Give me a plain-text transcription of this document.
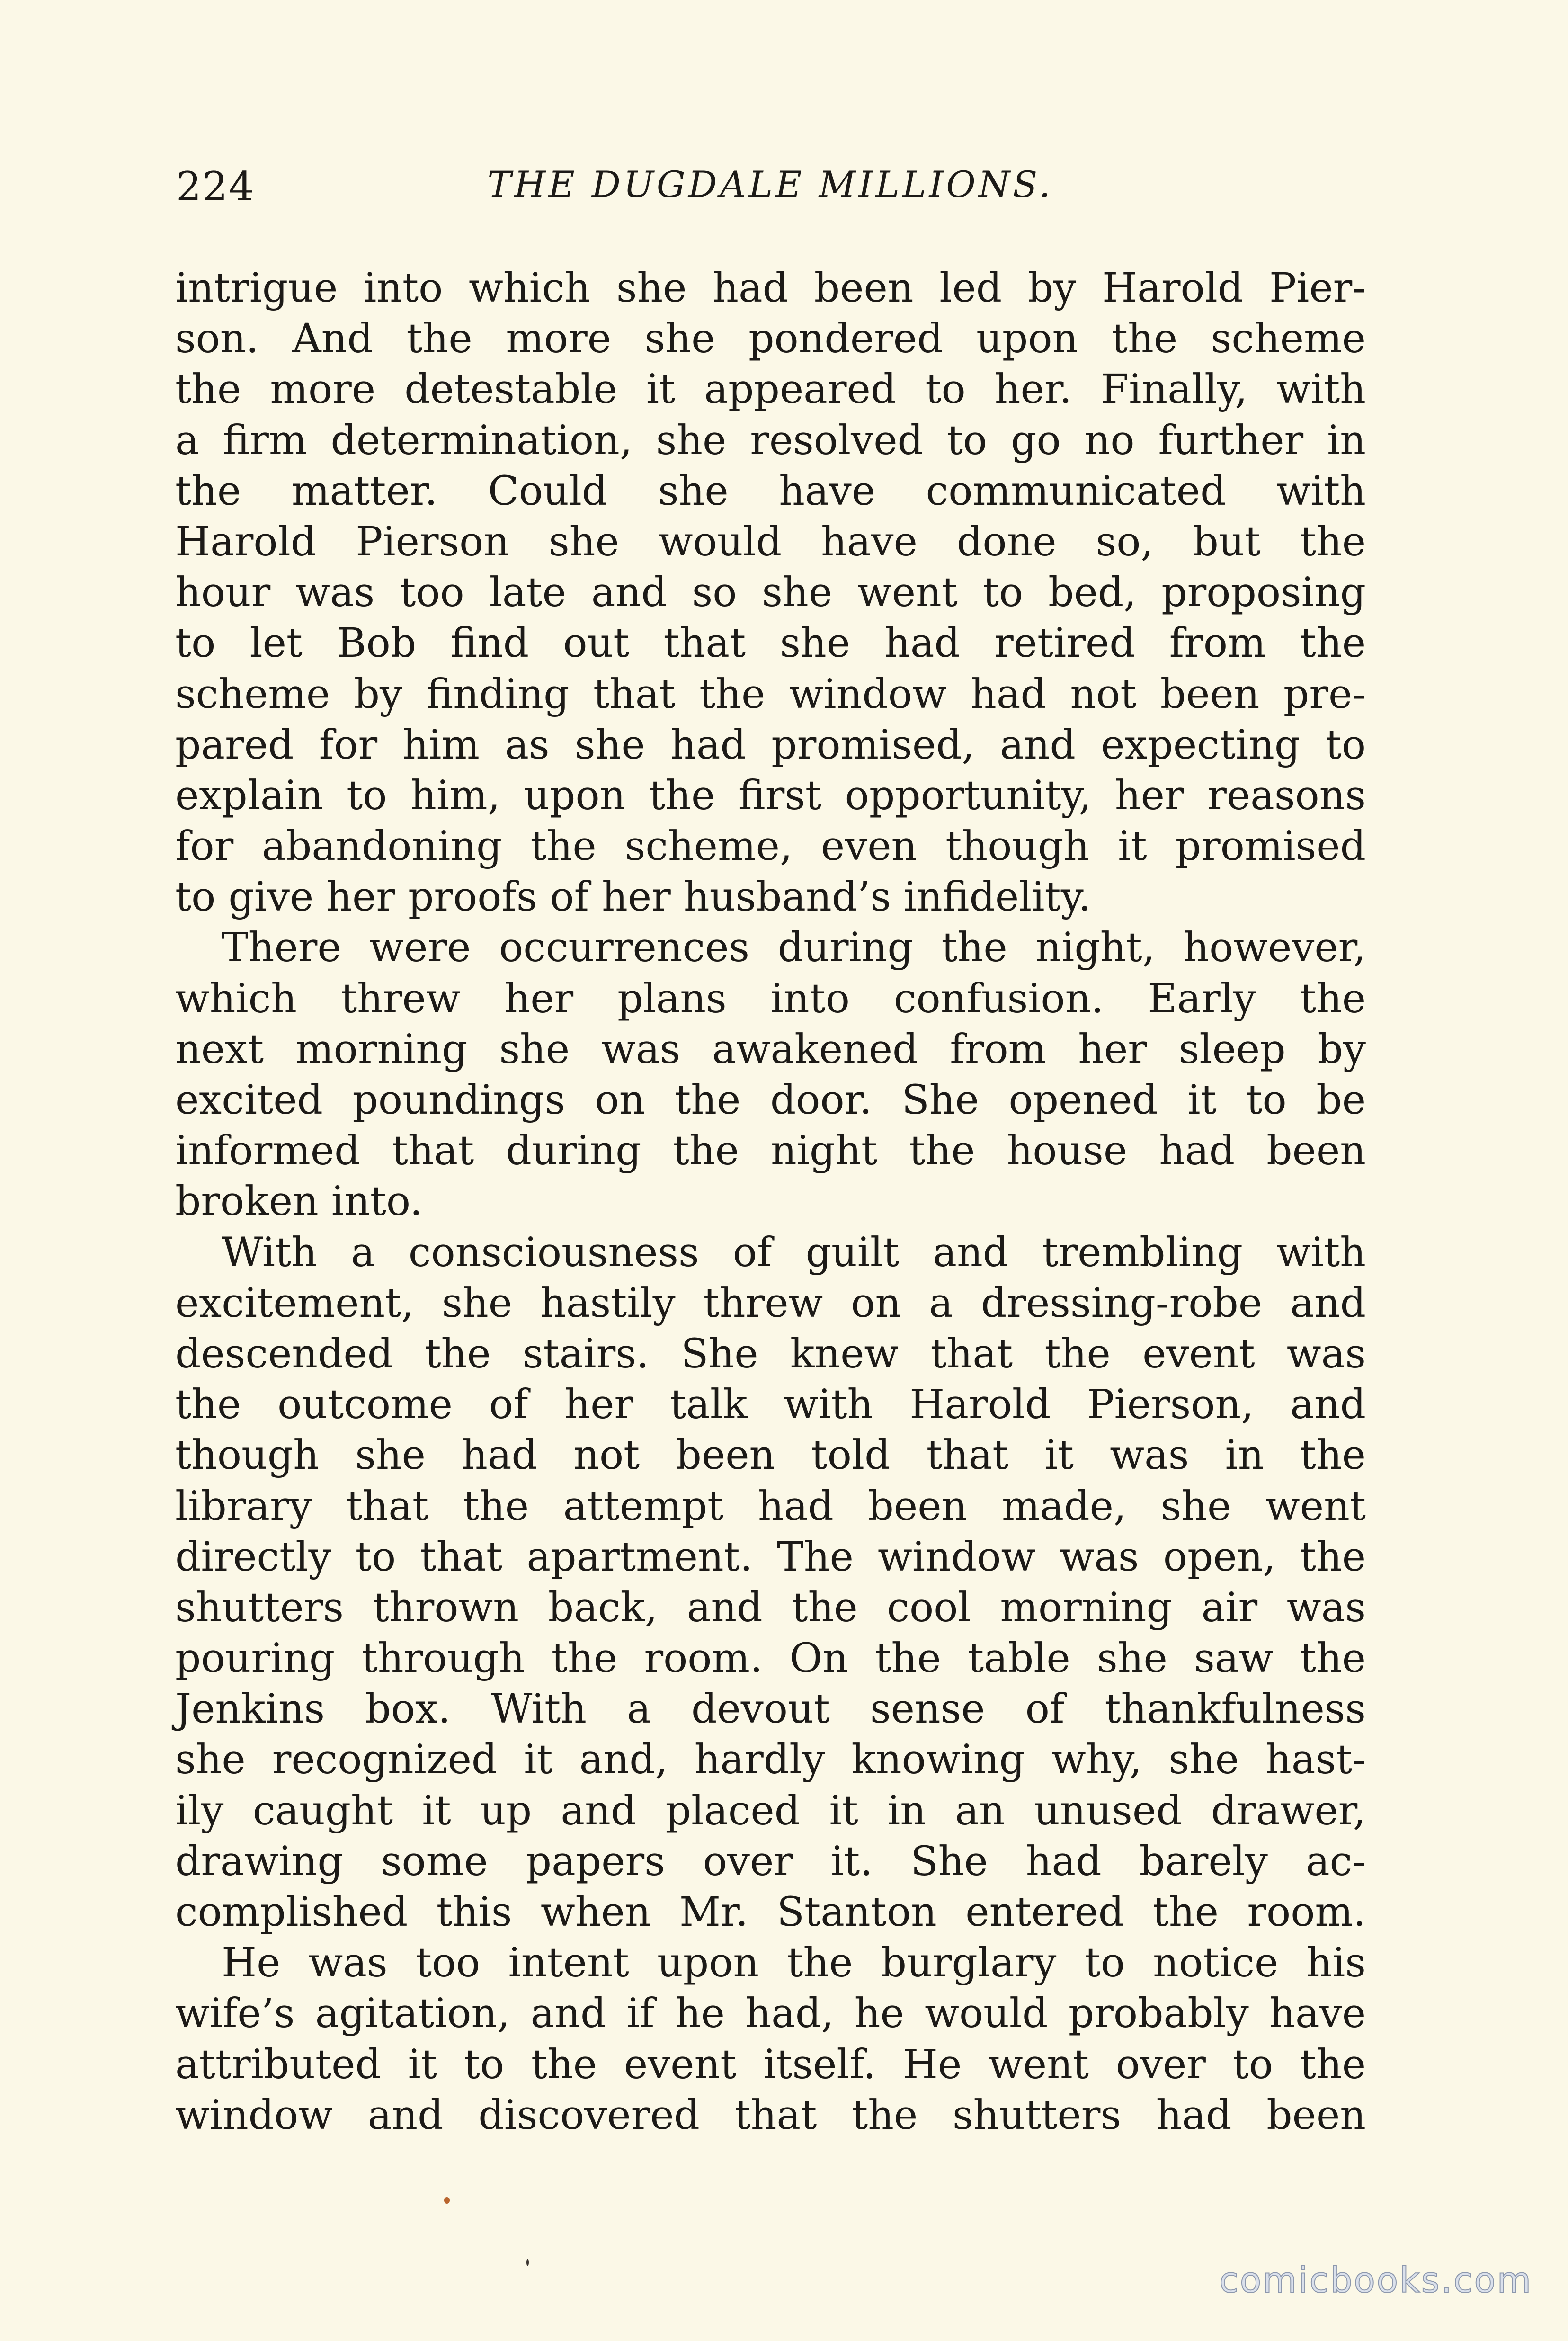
224	THE DUGDALE MILLIONS.
intrigue into which she had been led by Harold Pier-
son. And the more she pondered upon the scheme
the more detestable it appeared to her. Finally, with
a firm determination, she resolved to go no further in
the matter. Could she have communicated with
Harold Pierson she would have done so, but the
hour was too late and so she went to bed, proposing
to let Bob find out that she had retired from the
scheme by finding that the window had not been pre-
pared for him as she had promised, and expecting to
explain to him, upon the first opportunity, her reasons
for abandoning the scheme, even though it promised
to give her proofs of her husband’s infidelity.
There were occurrences during the night, however,
which threw her plans into confusion. Early the
next morning she was awakened from her sleep by
excited poundings on the door. She opened it to be
informed that during the night the house had been
broken into.
With a consciousness of guilt and trembling with
excitement, she hastily threw on a dressing-robe and
descended the stairs. She knew that the event was
the outcome of her talk with Harold Pierson, and
though she had not been told that it was in the
library that the attempt had been made, she went
directly to that apartment. The window was open, the
shutters thrown back, and the cool morning air was
pouring through the room. On the table she saw the
Jenkins box. With a devout sense of thankfulness
she recognized it and, hardly knowing why, she hast-
ily caught it up and placed it in an unused drawer,
drawing some papers over it. She had barely ac-
complished this when Mr. Stanton entered the room.
He was too intent upon the burglary to notice his
wife’s agitation, and if he had, he would probably have
attributed it to the event itself. He went over to the
window and discovered that the shutters had been
comicbooks.com
